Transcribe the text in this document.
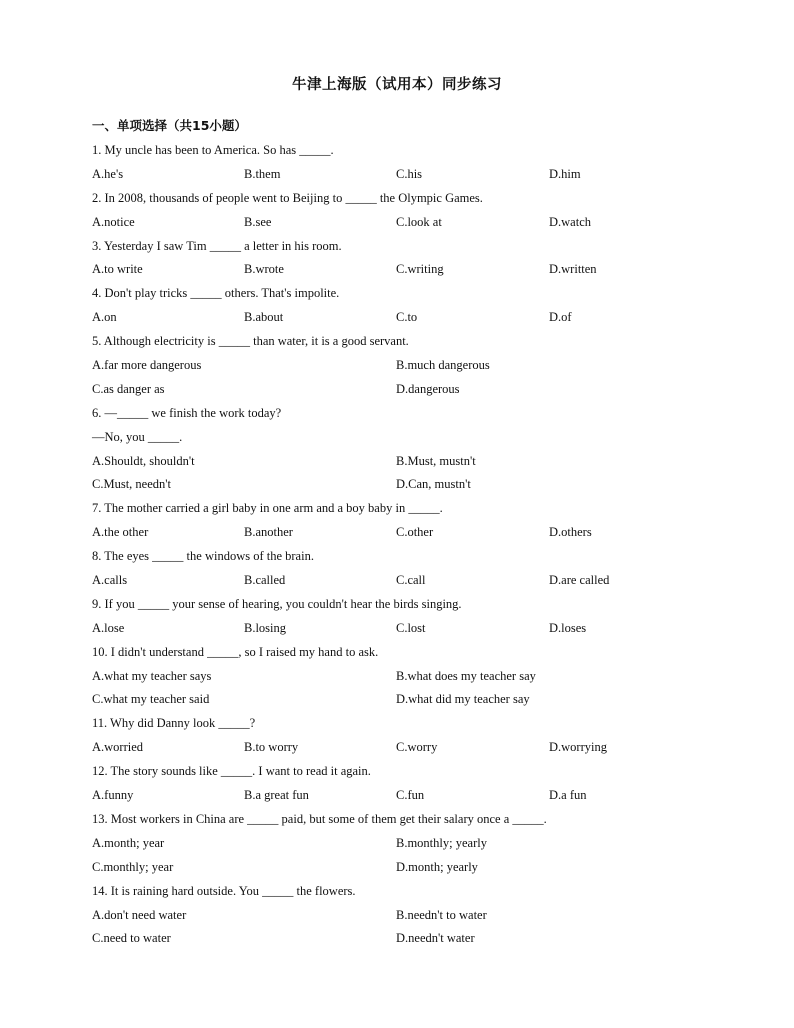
牛津上海版（试用本）同步练习
一、单项选择（共15小题）
1. My uncle has been to America. So has _____.
A.he's	B.them	C.his	D.him
2. In 2008, thousands of people went to Beijing to _____ the Olympic Games.
A.notice	B.see	C.look at	D.watch
3. Yesterday I saw Tim _____ a letter in his room.
A.to write	B.wrote	C.writing	D.written
4. Don't play tricks _____ others. That's impolite.
A.on	B.about	C.to	D.of
5. Although electricity is _____ than water, it is a good servant.
A.far more dangerous	B.much dangerous
C.as danger as	D.dangerous
6. —_____ we finish the work today?
—No, you _____.
A.Shouldt, shouldn't	B.Must, mustn't
C.Must, needn't	D.Can, mustn't
7. The mother carried a girl baby in one arm and a boy baby in _____.
A.the other	B.another	C.other	D.others
8. The eyes _____ the windows of the brain.
A.calls	B.called	C.call	D.are called
9. If you _____ your sense of hearing, you couldn't hear the birds singing.
A.lose	B.losing	C.lost	D.loses
10. I didn't understand _____, so I raised my hand to ask.
A.what my teacher says	B.what does my teacher say
C.what my teacher said	D.what did my teacher say
11. Why did Danny look _____?
A.worried	B.to worry	C.worry	D.worrying
12. The story sounds like _____. I want to read it again.
A.funny	B.a great fun	C.fun	D.a fun
13. Most workers in China are _____ paid, but some of them get their salary once a _____.
A.month; year	B.monthly; yearly
C.monthly; year	D.month; yearly
14. It is raining hard outside. You _____ the flowers.
A.don't need water	B.needn't to water
C.need to water	D.needn't water
